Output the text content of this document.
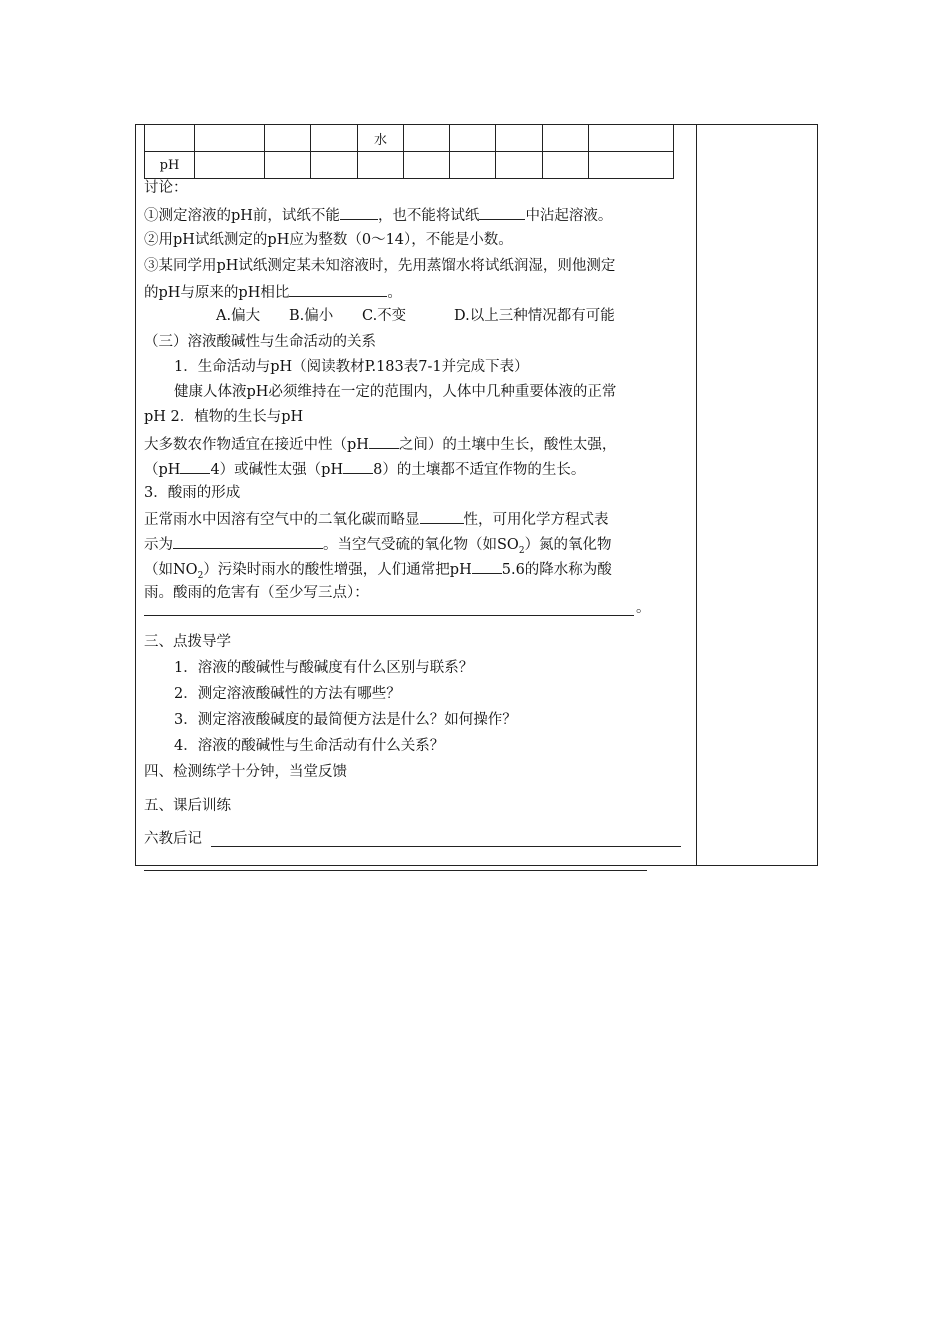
				水					
pH									
讨论：
①测定溶液的pH前，试纸不能	，也不能将试纸	中沾起溶液。
②用pH试纸测定的pH应为整数（0～14），不能是小数。
③某同学用pH试纸测定某未知溶液时，先用蒸馏水将试纸润湿，则他测定
的pH与原来的pH相比	。
A.偏大 B.偏小 C.不变	D.以上三种情况都有可能
（三）溶液酸碱性与生命活动的关系
1．生命活动与pH（阅读教材P.183表7-1并完成下表）
健康人体液pH必须维持在一定的范围内，人体中几种重要体液的正常
pH 2．植物的生长与pH
大多数农作物适宜在接近中性（pH 之间）的土壤中生长，酸性太强，
（pH 4）或碱性太强（pH 8）的土壤都不适宜作物的生长。
3．酸雨的形成
正常雨水中因溶有空气中的二氧化碳而略显	性，可用化学方程式表
示为	。当空气受硫的氧化物（如$SO_2$）氮的氧化物
（如$NO_2$）污染时雨水的酸性增强，人们通常把pH 5.6的降水称为酸
雨。酸雨的危害有（至少写三点）：
。
三、点拨导学
1．溶液的酸碱性与酸碱度有什么区别与联系？
2．测定溶液酸碱性的方法有哪些？
3．测定溶液酸碱度的最简便方法是什么？如何操作？
4．溶液的酸碱性与生命活动有什么关系？
四、检测练学十分钟，当堂反馈
五、课后训练
六教后记
